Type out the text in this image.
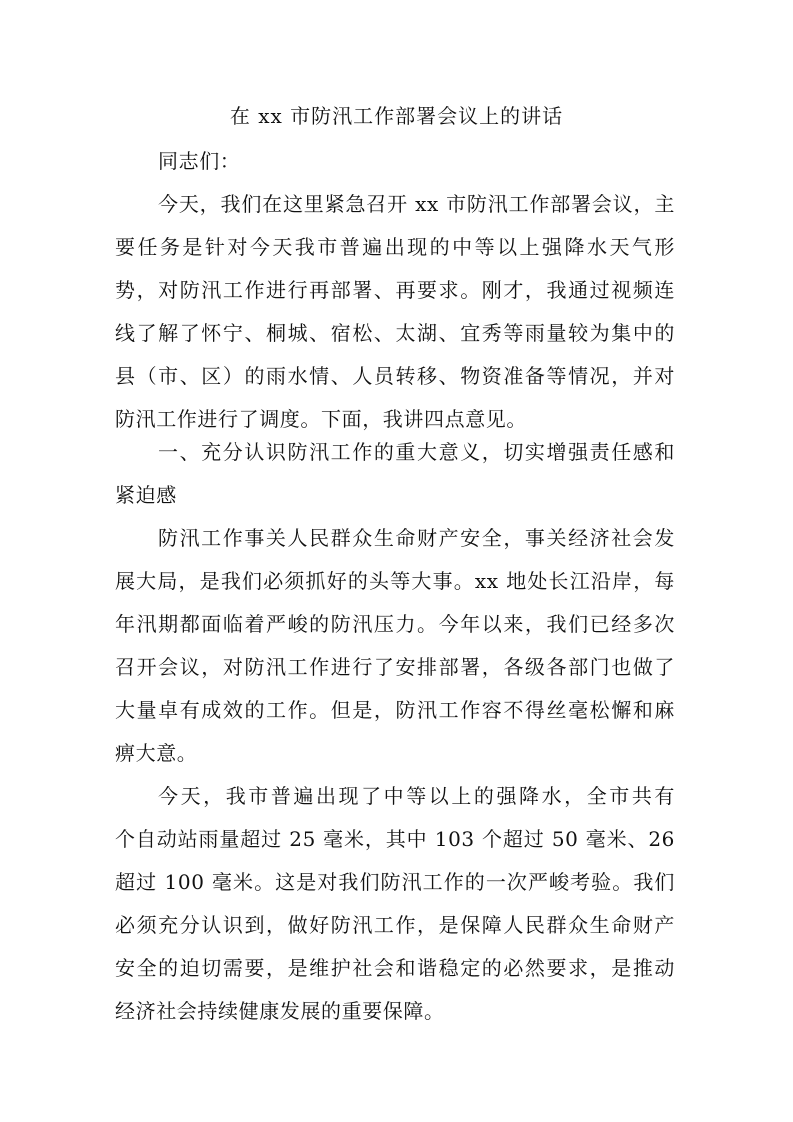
在 xx 市防汛工作部署会议上的讲话
同志们：
今天，我们在这里紧急召开 xx 市防汛工作部署会议，主
要任务是针对今天我市普遍出现的中等以上强降水天气形
势，对防汛工作进行再部署、再要求。刚才，我通过视频连
线了解了怀宁、桐城、宿松、太湖、宜秀等雨量较为集中的
县（市、区）的雨水情、人员转移、物资准备等情况，并对
防汛工作进行了调度。下面，我讲四点意见。
一、充分认识防汛工作的重大意义，切实增强责任感和
紧迫感
防汛工作事关人民群众生命财产安全，事关经济社会发
展大局，是我们必须抓好的头等大事。xx 地处长江沿岸，每
年汛期都面临着严峻的防汛压力。今年以来，我们已经多次
召开会议，对防汛工作进行了安排部署，各级各部门也做了
大量卓有成效的工作。但是，防汛工作容不得丝毫松懈和麻
痹大意。
今天，我市普遍出现了中等以上的强降水，全市共有
个自动站雨量超过 25 毫米，其中 103 个超过 50 毫米、26
超过 100 毫米。这是对我们防汛工作的一次严峻考验。我们
必须充分认识到，做好防汛工作，是保障人民群众生命财产
安全的迫切需要，是维护社会和谐稳定的必然要求，是推动
经济社会持续健康发展的重要保障。
